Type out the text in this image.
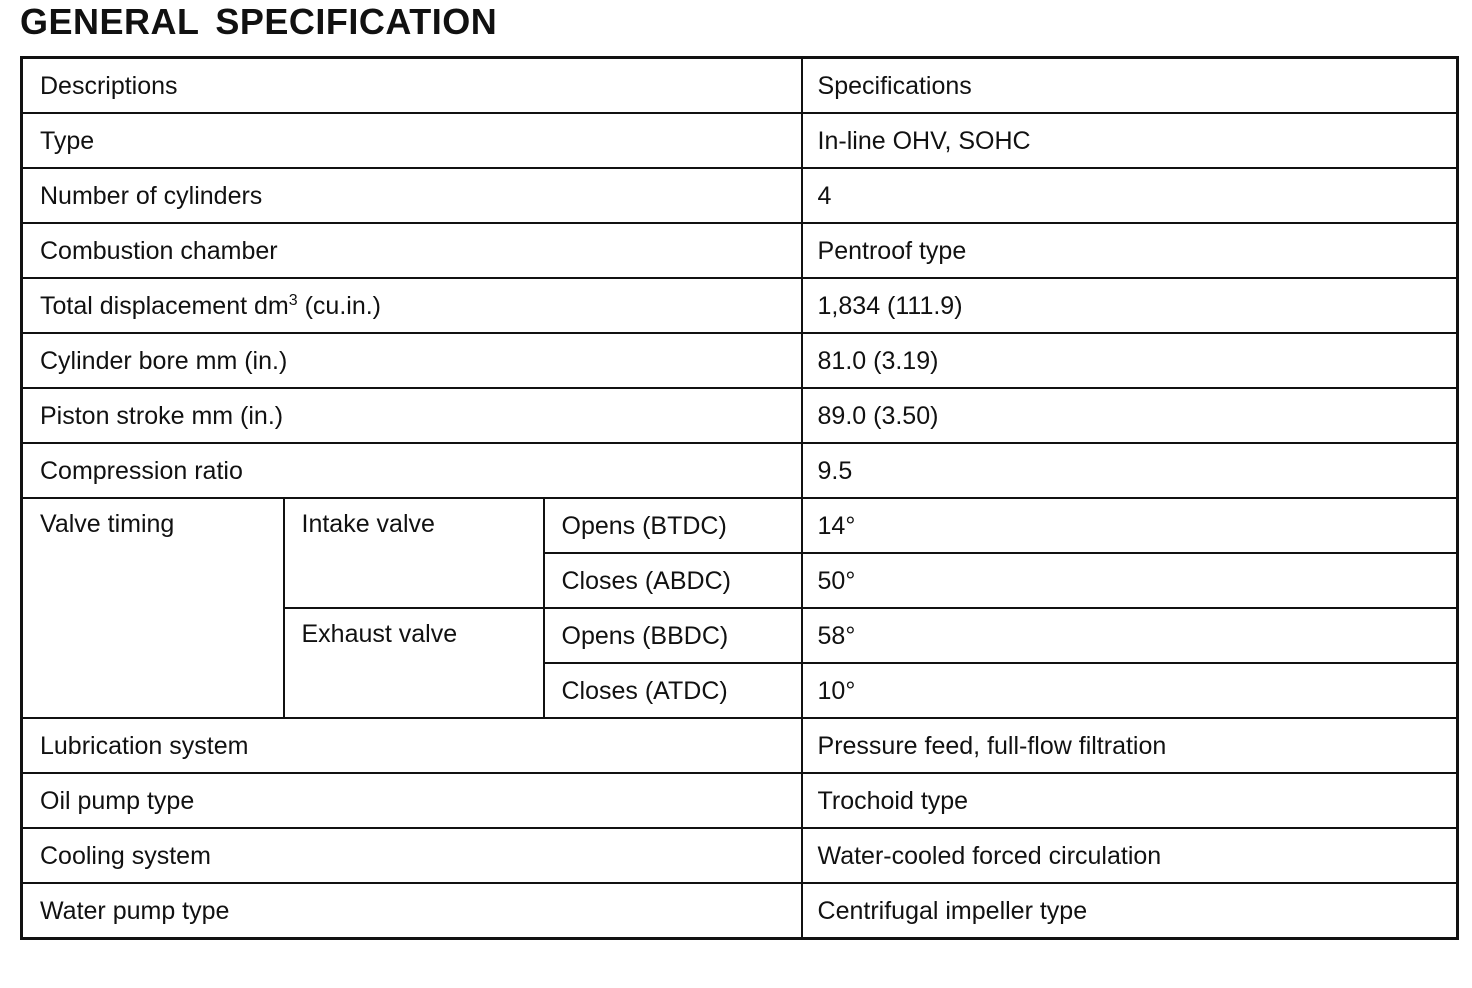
GENERAL SPECIFICATION
Descriptions			Specifications
Type			In-line OHV, SOHC
Number of cylinders			4
Combustion chamber			Pentroof type
Total displacement $dm^3$ (cu.in.)			1,834 (111.9)
Cylinder bore mm (in.)			81.0 (3.19)
Piston stroke mm (in.)			89.0 (3.50)
Compression ratio			9.5
Valve timing	Intake valve	Opens (BTDC)	14°
		Closes (ABDC)	50°
	Exhaust valve	Opens (BBDC)	58°
		Closes (ATDC)	10°
Lubrication system			Pressure feed, full-flow filtration
Oil pump type			Trochoid type
Cooling system			Water-cooled forced circulation
Water pump type			Centrifugal impeller type
